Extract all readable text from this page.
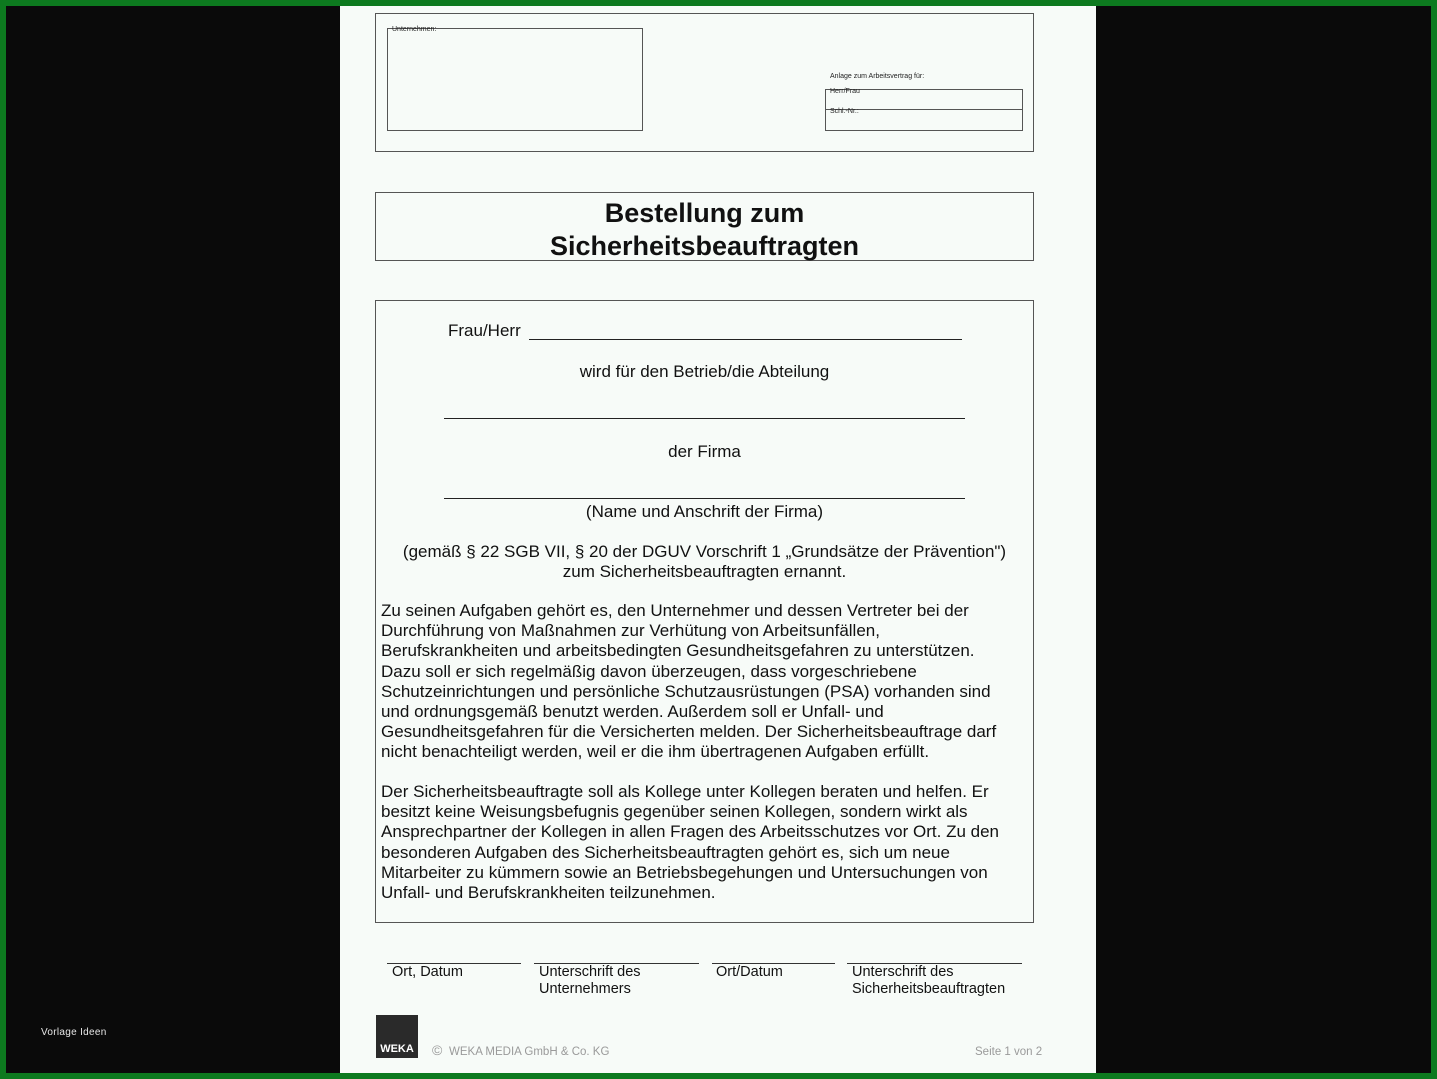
Vorlage Ideen
Unternehmen:
Anlage zum Arbeitsvertrag für:
Herr/Frau
Schl.-Nr.:
Bestellung zum
Sicherheitsbeauftragten
Frau/Herr
wird für den Betrieb/die Abteilung
der Firma
(Name und Anschrift der Firma)
(gemäß § 22 SGB VII, § 20 der DGUV Vorschrift 1 „Grundsätze der Prävention")
zum Sicherheitsbeauftragten ernannt.
Zu seinen Aufgaben gehört es, den Unternehmer und dessen Vertreter bei der
Durchführung von Maßnahmen zur Verhütung von Arbeitsunfällen,
Berufskrankheiten und arbeitsbedingten Gesundheitsgefahren zu unterstützen.
Dazu soll er sich regelmäßig davon überzeugen, dass vorgeschriebene
Schutzeinrichtungen und persönliche Schutzausrüstungen (PSA) vorhanden sind
und ordnungsgemäß benutzt werden. Außerdem soll er Unfall- und
Gesundheitsgefahren für die Versicherten melden. Der Sicherheitsbeauftrage darf
nicht benachteiligt werden, weil er die ihm übertragenen Aufgaben erfüllt.
Der Sicherheitsbeauftragte soll als Kollege unter Kollegen beraten und helfen. Er
besitzt keine Weisungsbefugnis gegenüber seinen Kollegen, sondern wirkt als
Ansprechpartner der Kollegen in allen Fragen des Arbeitsschutzes vor Ort. Zu den
besonderen Aufgaben des Sicherheitsbeauftragten gehört es, sich um neue
Mitarbeiter zu kümmern sowie an Betriebsbegehungen und Untersuchungen von
Unfall- und Berufskrankheiten teilzunehmen.
Ort, Datum	Unterschrift des
Unternehmers
Ort/Datum	Unterschrift des
Sicherheitsbeauftragten
WEKA © WEKA MEDIA GmbH & Co. KG	Seite 1 von 2
